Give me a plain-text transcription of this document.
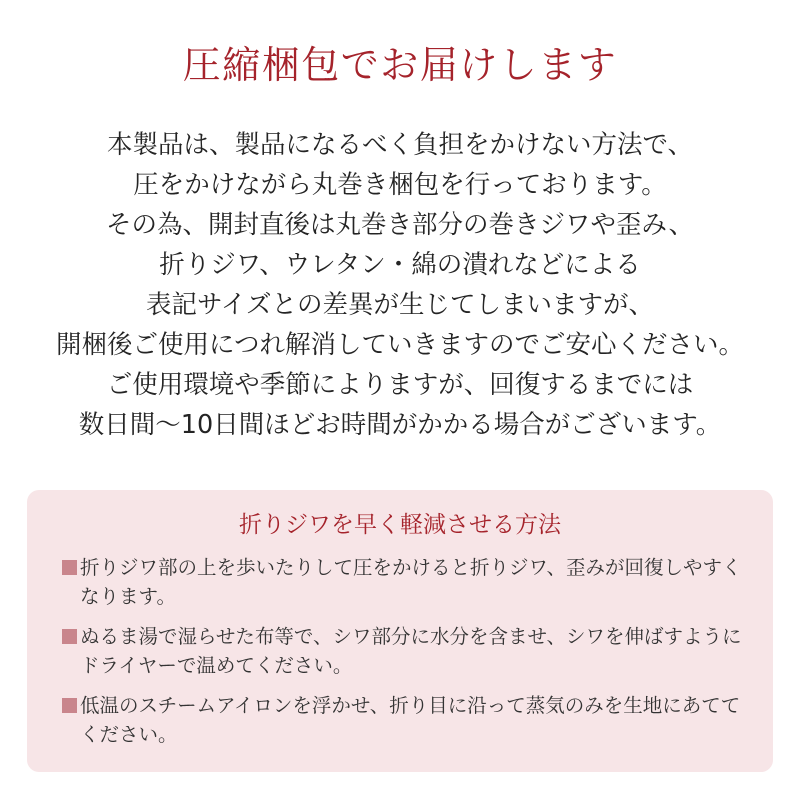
圧縮梱包でお届けします
本製品は、製品になるべく負担をかけない方法で、
圧をかけながら丸巻き梱包を行っております。
その為、開封直後は丸巻き部分の巻きジワや歪み、
折りジワ、ウレタン・綿の潰れなどによる
表記サイズとの差異が生じてしまいますが、
開梱後ご使用につれ解消していきますのでご安心ください。
ご使用環境や季節によりますが、回復するまでには
数日間〜10日間ほどお時間がかかる場合がございます。
折りジワを早く軽減させる方法
折りジワ部の上を歩いたりして圧をかけると折りジワ、歪みが回復しやすく
なります。
ぬるま湯で湿らせた布等で、シワ部分に水分を含ませ、シワを伸ばすように
ドライヤーで温めてください。
低温のスチームアイロンを浮かせ、折り目に沿って蒸気のみを生地にあてて
ください。
